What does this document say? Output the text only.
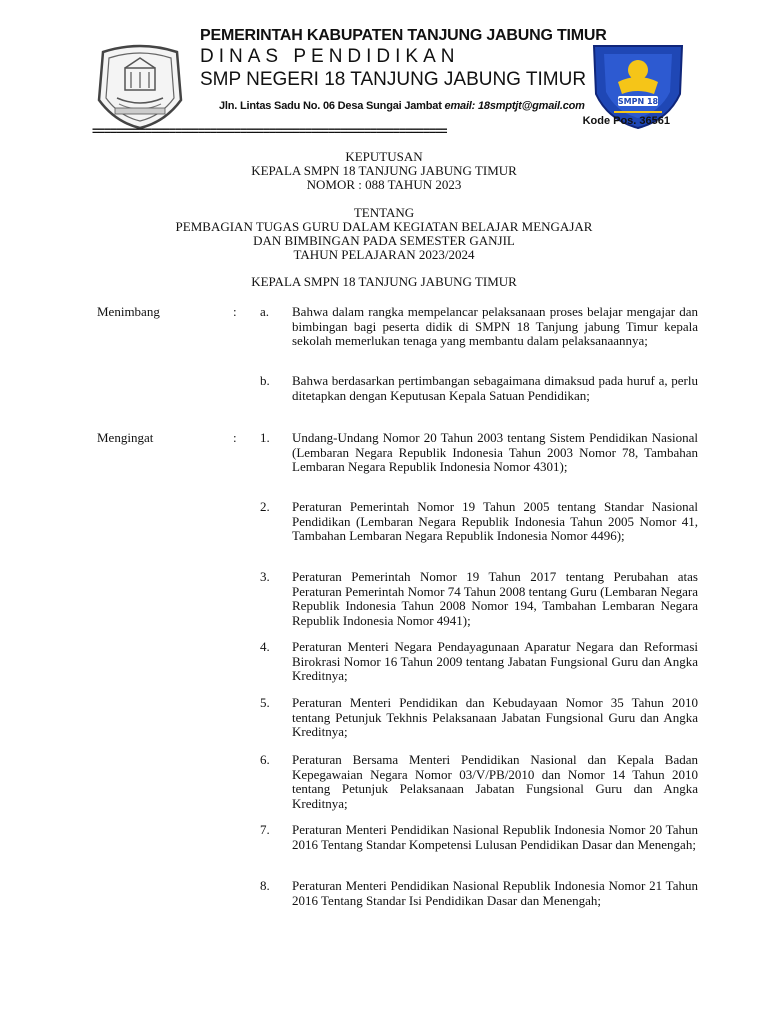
PEMERINTAH KABUPATEN TANJUNG JABUNG TIMUR
DINAS PENDIDIKAN
SMP NEGERI 18 TANJUNG JABUNG TIMUR
SMPN 18
Jln. Lintas Sadu No. 06 Desa Sungai Jambat email: 18smptjt@gmail.com
Kode Pos. 36561
============================================================
KEPUTUSAN
KEPALA SMPN 18 TANJUNG JABUNG TIMUR
NOMOR : 088 TAHUN 2023
TENTANG
PEMBAGIAN TUGAS GURU DALAM KEGIATAN BELAJAR MENGAJAR
DAN BIMBINGAN PADA SEMESTER GANJIL
TAHUN PELAJARAN 2023/2024
KEPALA SMPN 18 TANJUNG JABUNG TIMUR
Menimbang	: a. Bahwa dalam rangka mempelancar pelaksanaan proses belajar mengajar dan bimbingan bagi peserta didik di SMPN 18 Tanjung jabung Timur kepala sekolah memerlukan tenaga yang membantu dalam pelaksanaannya;
b. Bahwa berdasarkan pertimbangan sebagaimana dimaksud pada huruf a, perlu ditetapkan dengan Keputusan Kepala Satuan Pendidikan;
Mengingat	: 1. Undang-Undang Nomor 20 Tahun 2003 tentang Sistem Pendidikan Nasional (Lembaran Negara Republik Indonesia Tahun 2003 Nomor 78, Tambahan Lembaran Negara Republik Indonesia Nomor 4301);
2. Peraturan Pemerintah Nomor 19 Tahun 2005 tentang Standar Nasional Pendidikan (Lembaran Negara Republik Indonesia Tahun 2005 Nomor 41, Tambahan Lembaran Negara Republik Indonesia Nomor 4496);
3. Peraturan Pemerintah Nomor 19 Tahun 2017 tentang Perubahan atas Peraturan Pemerintah Nomor 74 Tahun 2008 tentang Guru (Lembaran Negara Republik Indonesia Tahun 2008 Nomor 194, Tambahan Lembaran Negara Republik Indonesia Nomor 4941);
4. Peraturan Menteri Negara Pendayagunaan Aparatur Negara dan Reformasi Birokrasi Nomor 16 Tahun 2009 tentang Jabatan Fungsional Guru dan Angka Kreditnya;
5. Peraturan Menteri Pendidikan dan Kebudayaan Nomor 35 Tahun 2010 tentang Petunjuk Tekhnis Pelaksanaan Jabatan Fungsional Guru dan Angka Kreditnya;
6. Peraturan Bersama Menteri Pendidikan Nasional dan Kepala Badan Kepegawaian Negara Nomor 03/V/PB/2010 dan Nomor 14 Tahun 2010 tentang Petunjuk Pelaksanaan Jabatan Fungsional Guru dan Angka Kreditnya;
7. Peraturan Menteri Pendidikan Nasional Republik Indonesia Nomor 20 Tahun 2016 Tentang Standar Kompetensi Lulusan Pendidikan Dasar dan Menengah;
8. Peraturan Menteri Pendidikan Nasional Republik Indonesia Nomor 21 Tahun 2016 Tentang Standar Isi Pendidikan Dasar dan Menengah;
